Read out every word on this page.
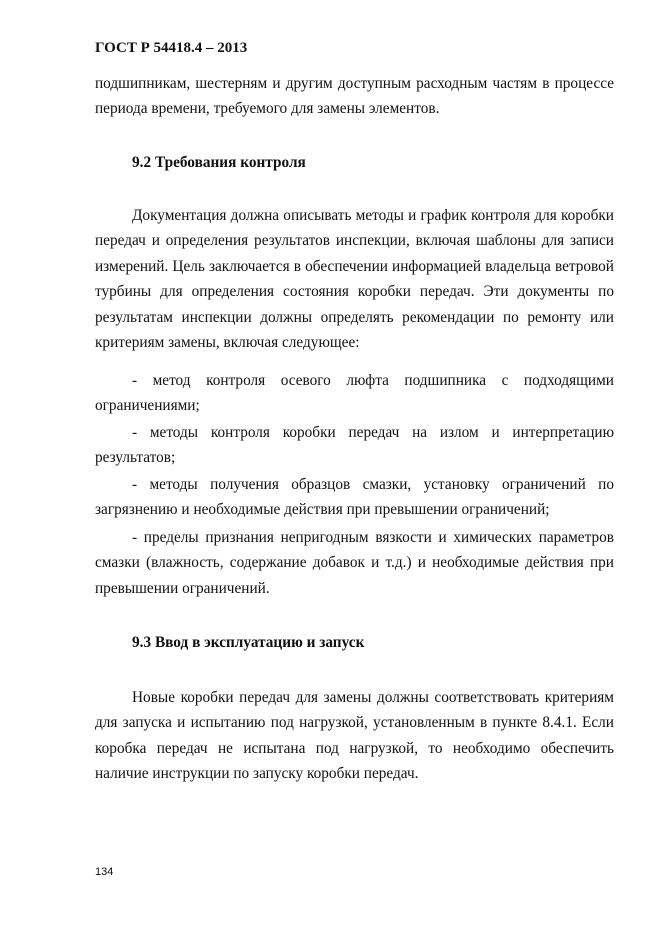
ГОСТ Р 54418.4 – 2013

подшипникам, шестерням и другим доступным расходным частям в процессе периода времени, требуемого для замены элементов.

9.2 Требования контроля

Документация должна описывать методы и график контроля для коробки передач и определения результатов инспекции, включая шаблоны для записи измерений. Цель заключается в обеспечении информацией владельца ветровой турбины для определения состояния коробки передач. Эти документы по результатам инспекции должны определять рекомендации по ремонту или критериям замены, включая следующее:

- метод контроля осевого люфта подшипника с подходящими ограничениями;

- методы контроля коробки передач на излом и интерпретацию результатов;

- методы получения образцов смазки, установку ограничений по загрязнению и необходимые действия при превышении ограничений;

- пределы признания непригодным вязкости и химических параметров смазки (влажность, содержание добавок и т.д.) и необходимые действия при превышении ограничений.

9.3 Ввод в эксплуатацию и запуск

Новые коробки передач для замены должны соответствовать критериям для запуска и испытанию под нагрузкой, установленным в пункте 8.4.1. Если коробка передач не испытана под нагрузкой, то необходимо обеспечить наличие инструкции по запуску коробки передач.

134
